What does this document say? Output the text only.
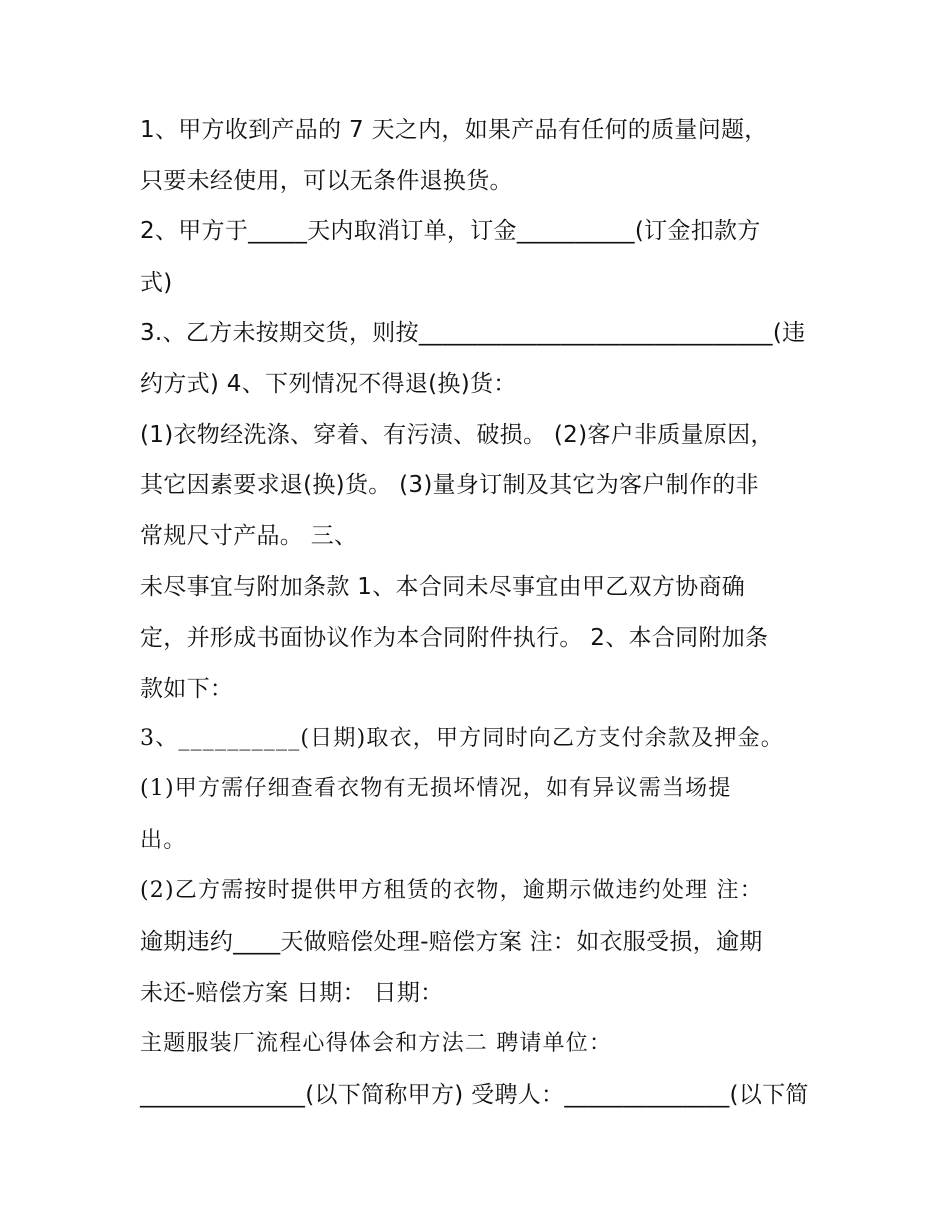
1、甲方收到产品的 7 天之内，如果产品有任何的质量问题，
只要未经使用，可以无条件退换货。
2、甲方于_____天内取消订单，订金__________(订金扣款方
式)
3.、乙方未按期交货，则按______________________________(违
约方式) 4、下列情况不得退(换)货：
(1)衣物经洗涤、穿着、有污渍、破损。 (2)客户非质量原因，
其它因素要求退(换)货。 (3)量身订制及其它为客户制作的非
常规尺寸产品。 三、
未尽事宜与附加条款 1、本合同未尽事宜由甲乙双方协商确
定，并形成书面协议作为本合同附件执行。 2、本合同附加条
款如下：
3、__________(日期)取衣，甲方同时向乙方支付余款及押金。
(1)甲方需仔细查看衣物有无损坏情况，如有异议需当场提
出。
(2)乙方需按时提供甲方租赁的衣物，逾期示做违约处理 注：
逾期违约____天做赔偿处理-赔偿方案 注：如衣服受损，逾期
未还-赔偿方案 日期： 日期：
主题服装厂流程心得体会和方法二 聘请单位：
______________(以下简称甲方) 受聘人：______________(以下简
